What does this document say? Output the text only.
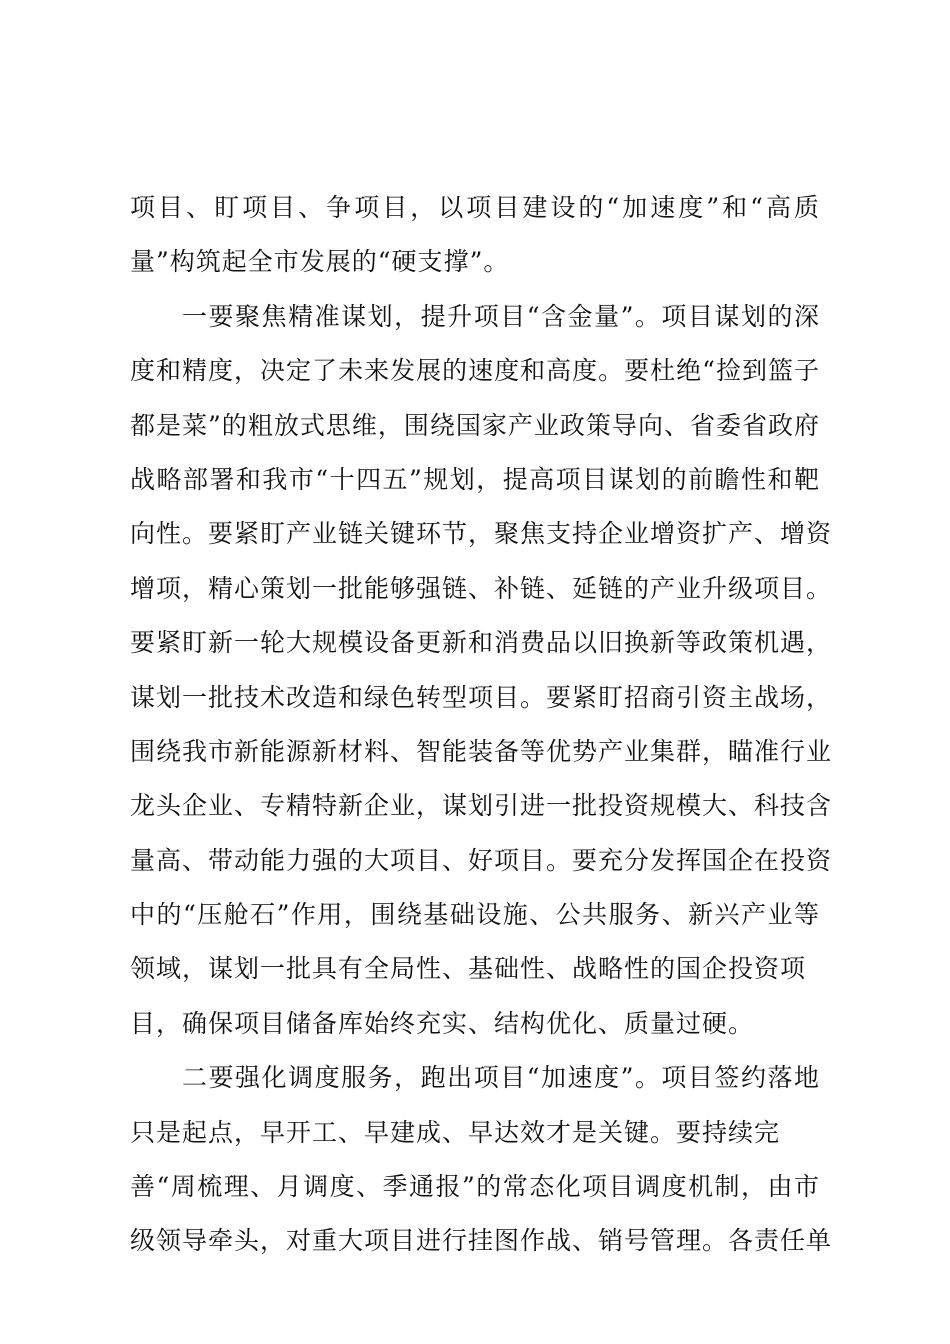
项目、盯项目、争项目，以项目建设的“加速度”和“高质
量”构筑起全市发展的“硬支撑”。
一要聚焦精准谋划，提升项目“含金量”。项目谋划的深
度和精度，决定了未来发展的速度和高度。要杜绝“捡到篮子
都是菜”的粗放式思维，围绕国家产业政策导向、省委省政府
战略部署和我市“十四五”规划，提高项目谋划的前瞻性和靶
向性。要紧盯产业链关键环节，聚焦支持企业增资扩产、增资
增项，精心策划一批能够强链、补链、延链的产业升级项目。
要紧盯新一轮大规模设备更新和消费品以旧换新等政策机遇，
谋划一批技术改造和绿色转型项目。要紧盯招商引资主战场，
围绕我市新能源新材料、智能装备等优势产业集群，瞄准行业
龙头企业、专精特新企业，谋划引进一批投资规模大、科技含
量高、带动能力强的大项目、好项目。要充分发挥国企在投资
中的“压舱石”作用，围绕基础设施、公共服务、新兴产业等
领域，谋划一批具有全局性、基础性、战略性的国企投资项
目，确保项目储备库始终充实、结构优化、质量过硬。
二要强化调度服务，跑出项目“加速度”。项目签约落地
只是起点，早开工、早建成、早达效才是关键。要持续完
善“周梳理、月调度、季通报”的常态化项目调度机制，由市
级领导牵头，对重大项目进行挂图作战、销号管理。各责任单
